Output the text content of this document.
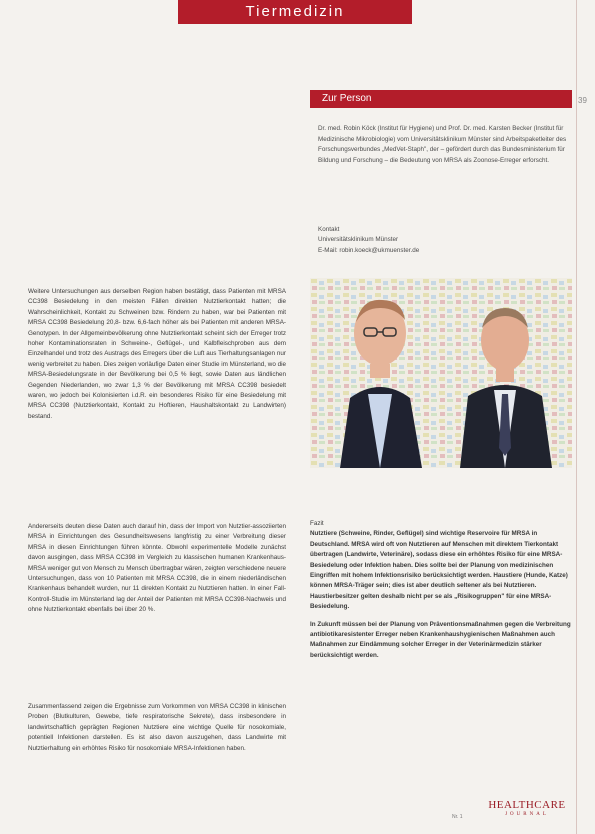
Tiermedizin
39
Zur Person
Dr. med. Robin Köck (Institut für Hygiene) und Prof. Dr. med. Karsten Becker (Institut für Medizinische Mikrobiologie) vom Universitätsklinikum Münster sind Arbeitspaketleiter des Forschungsverbundes „MedVet-Staph", der – gefördert durch das Bundesministerium für Bildung und Forschung – die Bedeutung von MRSA als Zoonose-Erreger erforscht.
Kontakt
Universitätsklinikum Münster
E-Mail: robin.koeck@ukmuenster.de
Weitere Untersuchungen aus derselben Region haben bestätigt, dass Patienten mit MRSA CC398 Besiedelung in den meisten Fällen direkten Nutztierkontakt hatten; die Wahrscheinlichkeit, Kontakt zu Schweinen bzw. Rindern zu haben, war bei Patienten mit MRSA CC398 Besiedelung 20,8- bzw. 6,6-fach höher als bei Patienten mit anderen MRSA-Genotypen. In der Allgemeinbevölkerung ohne Nutztierkontakt scheint sich der Erreger trotz hoher Kontaminationsraten in Schweine-, Geflügel-, und Kalbfleischproben aus dem Einzelhandel und trotz des Austrags des Erregers über die Luft aus Tierhaltungsanlagen nur wenig verbreitet zu haben. Dies zeigen vorläufige Daten einer Studie im Münsterland, wo die MRSA-Besiedelungsrate in der Bevölkerung bei 0,5 % liegt, sowie Daten aus ländlichen Gegenden Niederlanden, wo zwar 1,3 % der Bevölkerung mit MRSA CC398 besiedelt waren, wo jedoch bei Kolonisierten i.d.R. ein besonderes Risiko für eine Besiedelung mit MRSA CC398 (Nutztierkontakt, Kontakt zu Hoftieren, Haushaltskontakt zu Landwirten) bestand.
Andererseits deuten diese Daten auch darauf hin, dass der Import von Nutztier-assoziierten MRSA in Einrichtungen des Gesundheitswesens langfristig zu einer Verbreitung dieser MRSA in diesen Einrichtungen führen könnte. Obwohl experimentelle Modelle zunächst davon ausgingen, dass MRSA CC398 im Vergleich zu klassischen humanen Krankenhaus-MRSA weniger gut von Mensch zu Mensch übertragbar wären, zeigten verschiedene neuere Untersuchungen, dass von 10 Patienten mit MRSA CC398, die in einem niederländischen Krankenhaus behandelt wurden, nur 11 direkten Kontakt zu Nutztieren hatten. In einer Fall-Kontroll-Studie im Münsterland lag der Anteil der Patienten mit MRSA CC398-Nachweis und ohne Nutztierkontakt ebenfalls bei über 20 %.
Zusammenfassend zeigen die Ergebnisse zum Vorkommen von MRSA CC398 in klinischen Proben (Blutkulturen, Gewebe, tiefe respiratorische Sekrete), dass insbesondere in landwirtschaftlich geprägten Regionen Nutztiere eine wichtige Quelle für nosokomiale, potentiell Infektionen darstellen. Es ist also davon auszugehen, dass Landwirte mit Nutztierhaltung ein erhöhtes Risiko für nosokomiale MRSA-Infektionen haben.
Fazit

Nutztiere (Schweine, Rinder, Geflügel) sind wichtige Reservoire für MRSA in Deutschland. MRSA wird oft von Nutztieren auf Menschen mit direktem Tierkontakt übertragen (Landwirte, Veterinäre), sodass diese ein erhöhtes Risiko für eine MRSA-Besiedelung oder Infektion haben. Dies sollte bei der Planung von medizinischen Eingriffen mit hohem Infektionsrisiko berücksichtigt werden. Haustiere (Hunde, Katze) können MRSA-Träger sein; dies ist aber deutlich seltener als bei Nutztieren. Haustierbesitzer gelten deshalb nicht per se als „Risikogruppen" für eine MRSA-Besiedelung.

In Zukunft müssen bei der Planung von Präventionsmaßnahmen gegen die Verbreitung antibiotikaresistenter Erreger neben Krankenhaushygienischen Maßnahmen auch Maßnahmen zur Eindämmung solcher Erreger in der Veterinärmedizin stärker berücksichtigt werden.

Nr. 1
HEALTHCARE
JOURNAL
